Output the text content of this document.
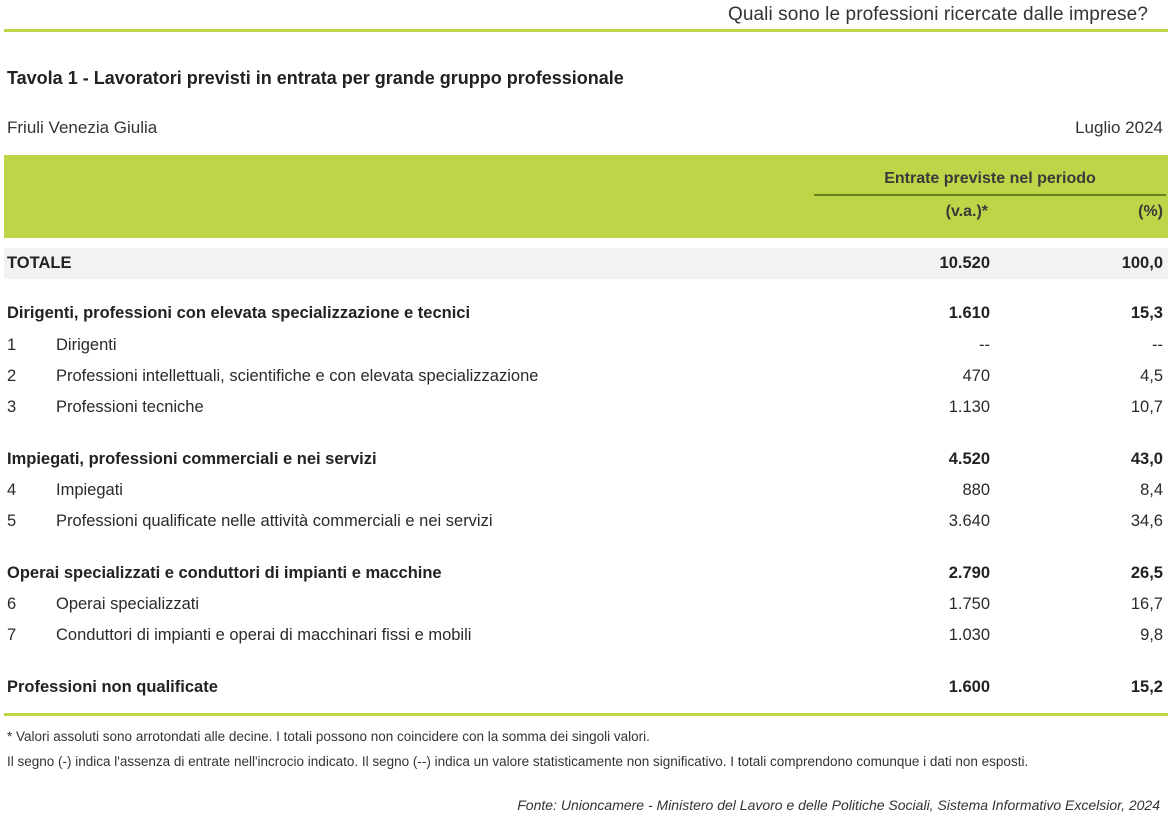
Quali sono le professioni ricercate dalle imprese?
Tavola 1 - Lavoratori previsti in entrata per grande gruppo professionale
Friuli Venezia Giulia	Luglio 2024
Entrate previste nel periodo
(v.a.)*	(%)
TOTALE	10.520	100,0
Dirigenti, professioni con elevata specializzazione e tecnici	1.610	15,3
1 Dirigenti	--	--
2 Professioni intellettuali, scientifiche e con elevata specializzazione	470	4,5
3 Professioni tecniche	1.130	10,7
Impiegati, professioni commerciali e nei servizi	4.520	43,0
4 Impiegati	880	8,4
5 Professioni qualificate nelle attività commerciali e nei servizi	3.640	34,6
Operai specializzati e conduttori di impianti e macchine	2.790	26,5
6 Operai specializzati	1.750	16,7
7 Conduttori di impianti e operai di macchinari fissi e mobili	1.030	9,8
Professioni non qualificate	1.600	15,2
* Valori assoluti sono arrotondati alle decine. I totali possono non coincidere con la somma dei singoli valori.
Il segno (-) indica l'assenza di entrate nell'incrocio indicato. Il segno (--) indica un valore statisticamente non significativo. I totali comprendono comunque i dati non esposti.
Fonte: Unioncamere - Ministero del Lavoro e delle Politiche Sociali, Sistema Informativo Excelsior, 2024
